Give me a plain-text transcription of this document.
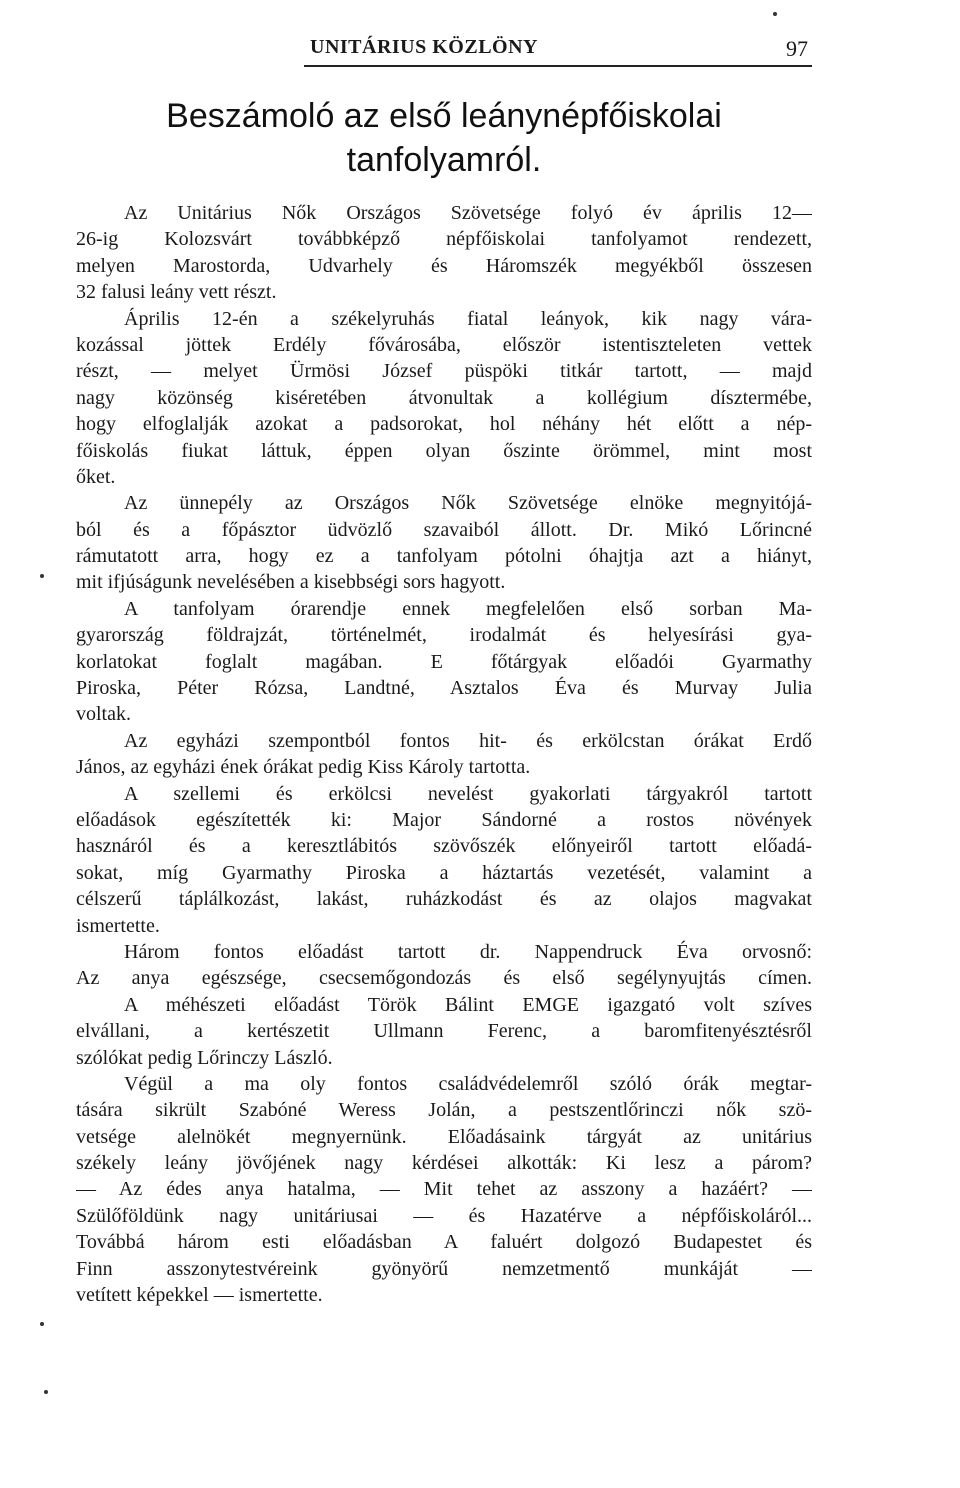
UNITÁRIUS KÖZLÖNY	97
Beszámoló az első leánynépfőiskolai
tanfolyamról.
Az Unitárius Nők Országos Szövetsége folyó év április 12—
26-ig Kolozsvárt továbbképző népfőiskolai tanfolyamot rendezett,
melyen Marostorda, Udvarhely és Háromszék megyékből összesen
32 falusi leány vett részt.
Április 12-én a székelyruhás fiatal leányok, kik nagy vára-
kozással jöttek Erdély fővárosába, először istentiszteleten vettek
részt, — melyet Ürmösi József püspöki titkár tartott, — majd
nagy közönség kiséretében átvonultak a kollégium dísztermébe,
hogy elfoglalják azokat a padsorokat, hol néhány hét előtt a nép-
főiskolás fiukat láttuk, éppen olyan őszinte örömmel, mint most
őket.
Az ünnepély az Országos Nők Szövetsége elnöke megnyitójá-
ból és a főpásztor üdvözlő szavaiból állott. Dr. Mikó Lőrincné
rámutatott arra, hogy ez a tanfolyam pótolni óhajtja azt a hiányt,
mit ifjúságunk nevelésében a kisebbségi sors hagyott.
A tanfolyam órarendje ennek megfelelően első sorban Ma-
gyarország földrajzát, történelmét, irodalmát és helyesírási gya-
korlatokat foglalt magában. E főtárgyak előadói Gyarmathy
Piroska, Péter Rózsa, Landtné, Asztalos Éva és Murvay Julia
voltak.
Az egyházi szempontból fontos hit- és erkölcstan órákat Erdő
János, az egyházi ének órákat pedig Kiss Károly tartotta.
A szellemi és erkölcsi nevelést gyakorlati tárgyakról tartott
előadások egészítették ki: Major Sándorné a rostos növények
hasznáról és a keresztlábitós szövőszék előnyeiről tartott előadá-
sokat, míg Gyarmathy Piroska a háztartás vezetését, valamint a
célszerű táplálkozást, lakást, ruházkodást és az olajos magvakat
ismertette.
Három fontos előadást tartott dr. Nappendruck Éva orvosnő:
Az anya egészsége, csecsemőgondozás és első segélynyujtás címen.
A méhészeti előadást Török Bálint EMGE igazgató volt szíves
elvállani, a kertészetit Ullmann Ferenc, a baromfitenyésztésről
szólókat pedig Lőrinczy László.
Végül a ma oly fontos családvédelemről szóló órák megtar-
tására sikrült Szabóné Weress Jolán, a pestszentlőrinczi nők szö-
vetsége alelnökét megnyernünk. Előadásaink tárgyát az unitárius
székely leány jövőjének nagy kérdései alkották: Ki lesz a párom?
— Az édes anya hatalma, — Mit tehet az asszony a hazáért? —
Szülőföldünk nagy unitáriusai — és Hazatérve a népfőiskoláról...
Továbbá három esti előadásban A faluért dolgozó Budapestet és
Finn asszonytestvéreink gyönyörű nemzetmentő munkáját —
vetített képekkel — ismertette.
